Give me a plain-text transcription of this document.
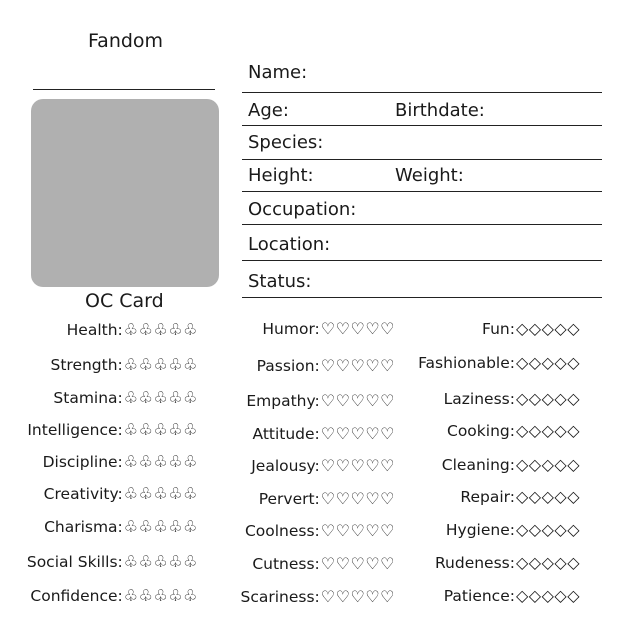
Fandom
OC Card
Name:
Age:	Birthdate:
Species:
Height:	Weight:
Occupation:
Location:
Status:
Health: ♧♧♧♧♧
Strength: ♧♧♧♧♧
Stamina: ♧♧♧♧♧
Intelligence: ♧♧♧♧♧
Discipline: ♧♧♧♧♧
Creativity: ♧♧♧♧♧
Charisma: ♧♧♧♧♧
Social Skills: ♧♧♧♧♧
Confidence: ♧♧♧♧♧
Humor: ♡♡♡♡♡
Passion: ♡♡♡♡♡
Empathy: ♡♡♡♡♡
Attitude: ♡♡♡♡♡
Jealousy: ♡♡♡♡♡
Pervert: ♡♡♡♡♡
Coolness: ♡♡♡♡♡
Cutness: ♡♡♡♡♡
Scariness: ♡♡♡♡♡
Fun: ◇◇◇◇◇
Fashionable: ◇◇◇◇◇
Laziness: ◇◇◇◇◇
Cooking: ◇◇◇◇◇
Cleaning: ◇◇◇◇◇
Repair: ◇◇◇◇◇
Hygiene: ◇◇◇◇◇
Rudeness: ◇◇◇◇◇
Patience: ◇◇◇◇◇
